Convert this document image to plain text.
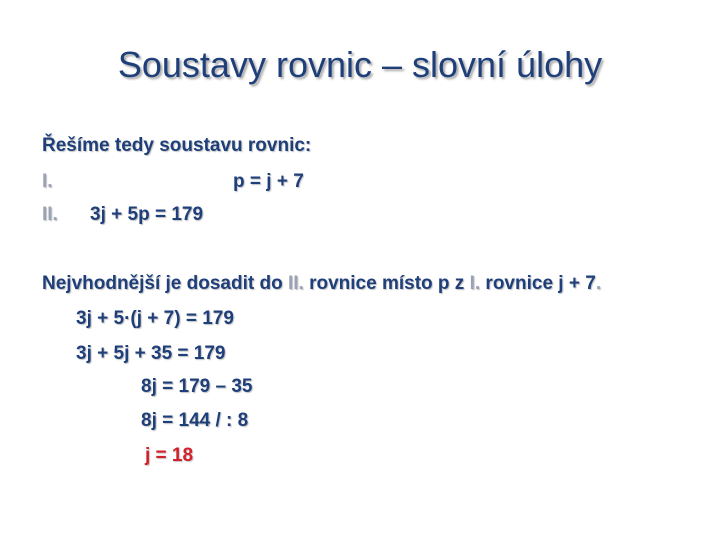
Soustavy rovnic – slovní úlohy
Řešíme tedy soustavu rovnic:
I.	p = j + 7
II. 3j + 5p = 179
Nejvhodnější je dosadit do II. rovnice místo p z I. rovnice j + 7.
3j + 5·(j + 7) = 179
3j + 5j + 35 = 179
8j = 179 – 35
8j = 144 / : 8
j = 18
